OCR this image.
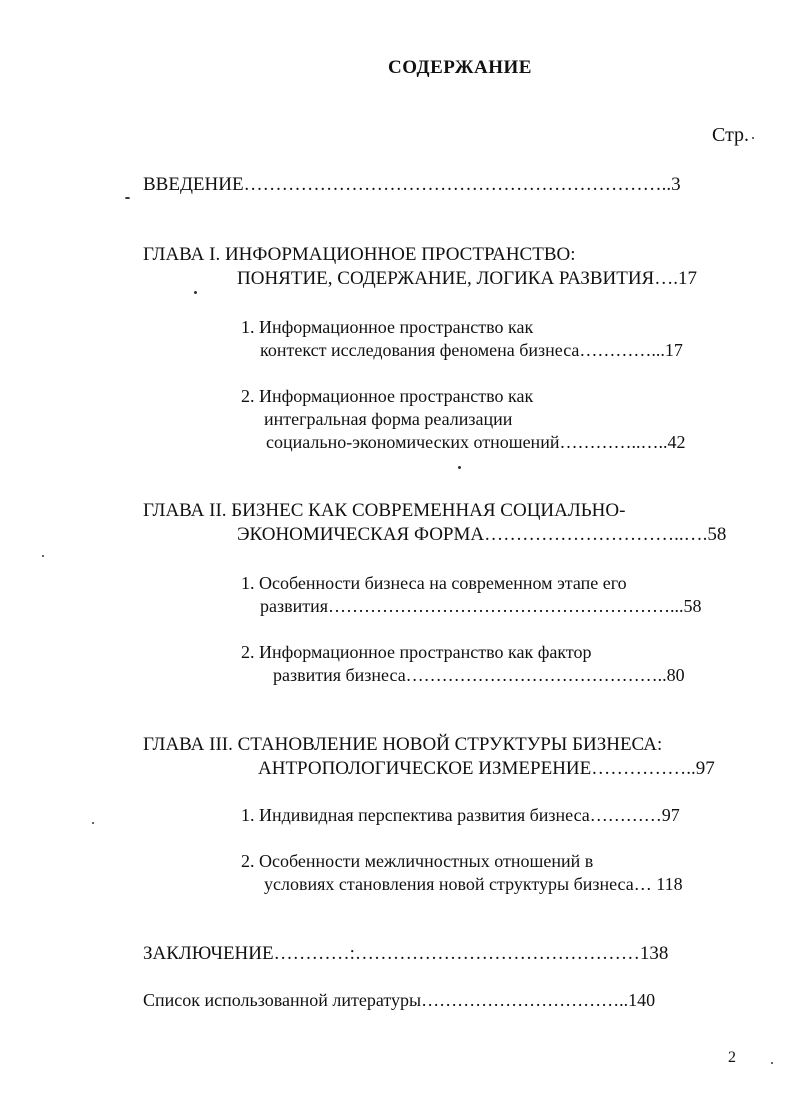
СОДЕРЖАНИЕ
Стр.
ВВЕДЕНИЕ…………………………………………………………..3
ГЛАВА I. ИНФОРМАЦИОННОЕ ПРОСТРАНСТВО:
ПОНЯТИЕ, СОДЕРЖАНИЕ, ЛОГИКА РАЗВИТИЯ….17
1. Информационное пространство как
контекст исследования феномена бизнеса…………...17
2. Информационное пространство как
интегральная форма реализации
социально-экономических отношений…………..…..42
ГЛАВА II. БИЗНЕС КАК СОВРЕМЕННАЯ СОЦИАЛЬНО-
ЭКОНОМИЧЕСКАЯ ФОРМА…………………………..….58
1. Особенности бизнеса на современном этапе его
развития…………………………………………………...58
2. Информационное пространство как фактор
развития бизнеса……………………………………..80
ГЛАВА III. СТАНОВЛЕНИЕ НОВОЙ СТРУКТУРЫ БИЗНЕСА:
АНТРОПОЛОГИЧЕСКОЕ ИЗМЕРЕНИЕ……………..97
1. Индивидная перспектива развития бизнеса…………97
2. Особенности межличностных отношений в
условиях становления новой структуры бизнеса… 118
ЗАКЛЮЧЕНИЕ…………:………………………………………138
Список использованной литературы……………………………..140
2
